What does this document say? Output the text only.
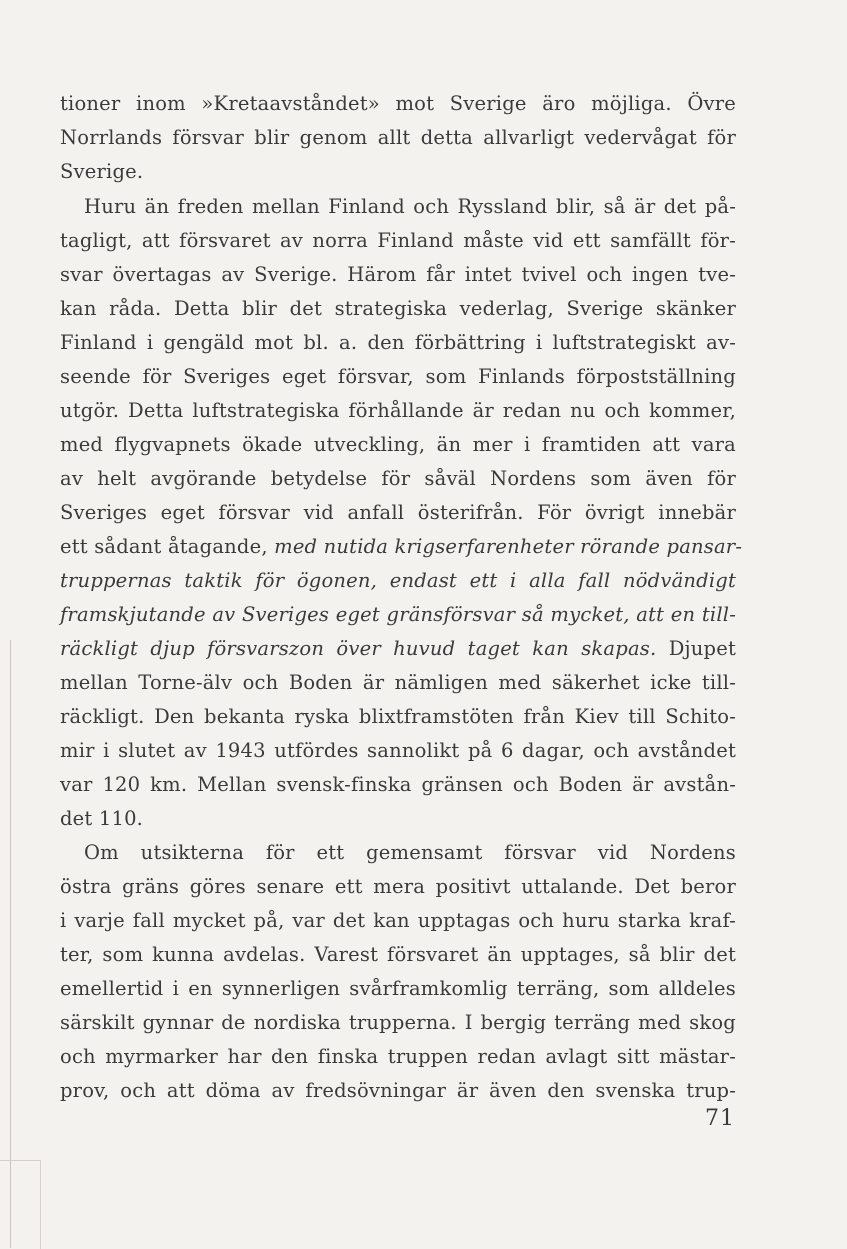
tioner inom »Kretaavståndet» mot Sverige äro möjliga. Övre
Norrlands försvar blir genom allt detta allvarligt vedervågat för
Sverige.
Huru än freden mellan Finland och Ryssland blir, så är det på-
tagligt, att försvaret av norra Finland måste vid ett samfällt för-
svar övertagas av Sverige. Härom får intet tvivel och ingen tve-
kan råda. Detta blir det strategiska vederlag, Sverige skänker
Finland i gengäld mot bl. a. den förbättring i luftstrategiskt av-
seende för Sveriges eget försvar, som Finlands förpostställning
utgör. Detta luftstrategiska förhållande är redan nu och kommer,
med flygvapnets ökade utveckling, än mer i framtiden att vara
av helt avgörande betydelse för såväl Nordens som även för
Sveriges eget försvar vid anfall österifrån. För övrigt innebär
ett sådant åtagande, med nutida krigserfarenheter rörande pansar-
truppernas taktik för ögonen, endast ett i alla fall nödvändigt
framskjutande av Sveriges eget gränsförsvar så mycket, att en till-
räckligt djup försvarszon över huvud taget kan skapas. Djupet
mellan Torne-älv och Boden är nämligen med säkerhet icke till-
räckligt. Den bekanta ryska blixtframstöten från Kiev till Schito-
mir i slutet av 1943 utfördes sannolikt på 6 dagar, och avståndet
var 120 km. Mellan svensk-finska gränsen och Boden är avstån-
det 110.
Om utsikterna för ett gemensamt försvar vid Nordens
östra gräns göres senare ett mera positivt uttalande. Det beror
i varje fall mycket på, var det kan upptagas och huru starka kraf-
ter, som kunna avdelas. Varest försvaret än upptages, så blir det
emellertid i en synnerligen svårframkomlig terräng, som alldeles
särskilt gynnar de nordiska trupperna. I bergig terräng med skog
och myrmarker har den finska truppen redan avlagt sitt mästar-
prov, och att döma av fredsövningar är även den svenska trup-
71
